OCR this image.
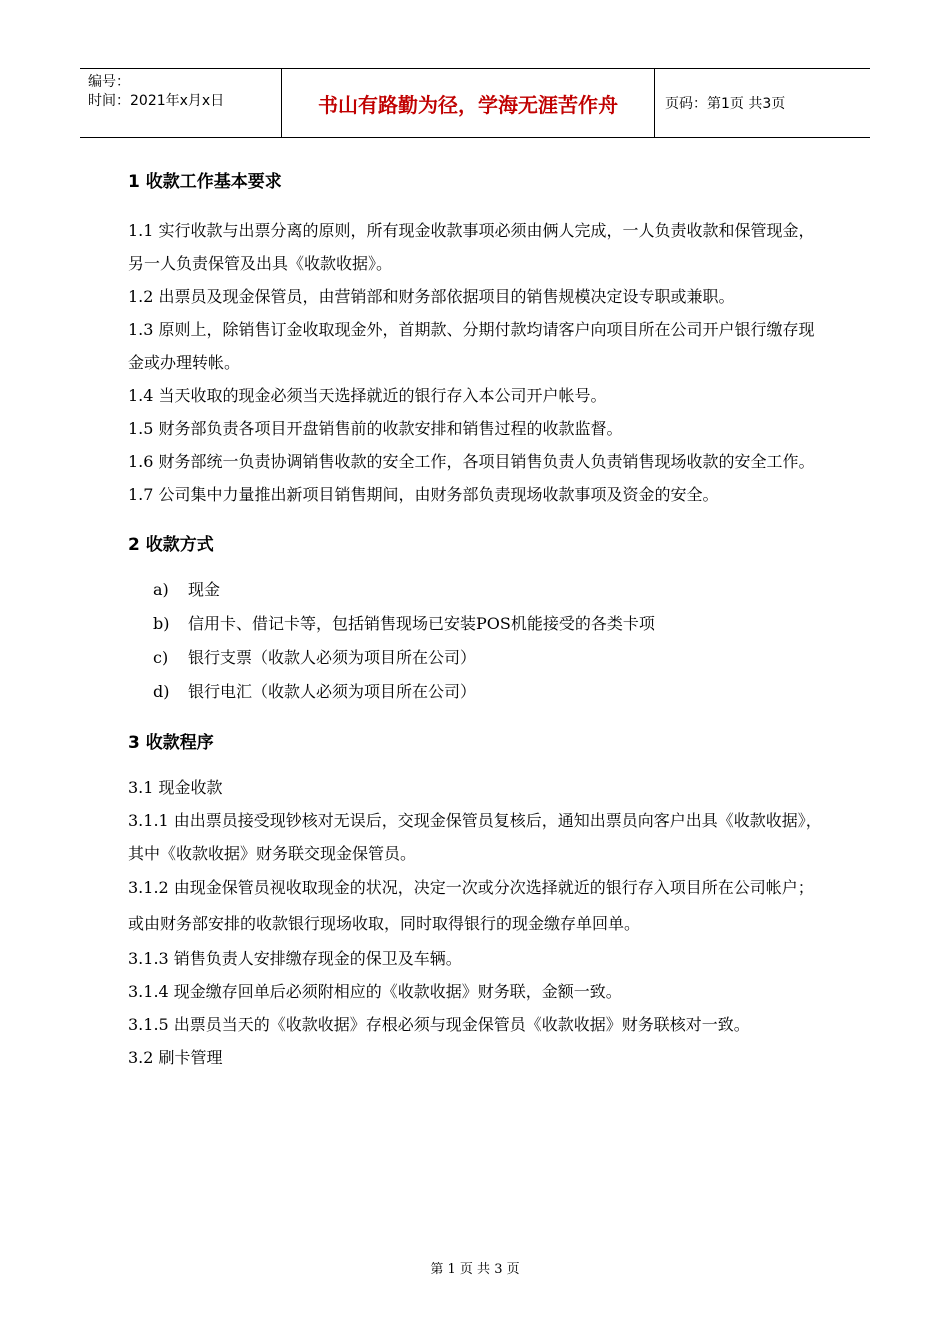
编号：
时间：2021年x月x日	书山有路勤为径，学海无涯苦作舟	页码：第1页 共3页
1 收款工作基本要求

1.1 实行收款与出票分离的原则，所有现金收款事项必须由俩人完成，一人负责收款和保管现金，另一人负责保管及出具《收款收据》。

1.2 出票员及现金保管员，由营销部和财务部依据项目的销售规模决定设专职或兼职。

1.3 原则上，除销售订金收取现金外，首期款、分期付款均请客户向项目所在公司开户银行缴存现金或办理转帐。

1.4 当天收取的现金必须当天选择就近的银行存入本公司开户帐号。

1.5 财务部负责各项目开盘销售前的收款安排和销售过程的收款监督。

1.6 财务部统一负责协调销售收款的安全工作，各项目销售负责人负责销售现场收款的安全工作。

1.7 公司集中力量推出新项目销售期间，由财务部负责现场收款事项及资金的安全。

2 收款方式
a)	现金
b)	信用卡、借记卡等，包括销售现场已安装POS机能接受的各类卡项
c)	银行支票（收款人必须为项目所在公司）
d)	银行电汇（收款人必须为项目所在公司）
3 收款程序

3.1 现金收款

3.1.1 由出票员接受现钞核对无误后，交现金保管员复核后，通知出票员向客户出具《收款收据》，其中《收款收据》财务联交现金保管员。

3.1.2 由现金保管员视收取现金的状况，决定一次或分次选择就近的银行存入项目所在公司帐户；或由财务部安排的收款银行现场收取，同时取得银行的现金缴存单回单。

3.1.3 销售负责人安排缴存现金的保卫及车辆。

3.1.4 现金缴存回单后必须附相应的《收款收据》财务联，金额一致。

3.1.5 出票员当天的《收款收据》存根必须与现金保管员《收款收据》财务联核对一致。

3.2 刷卡管理

第 1 页 共 3 页
